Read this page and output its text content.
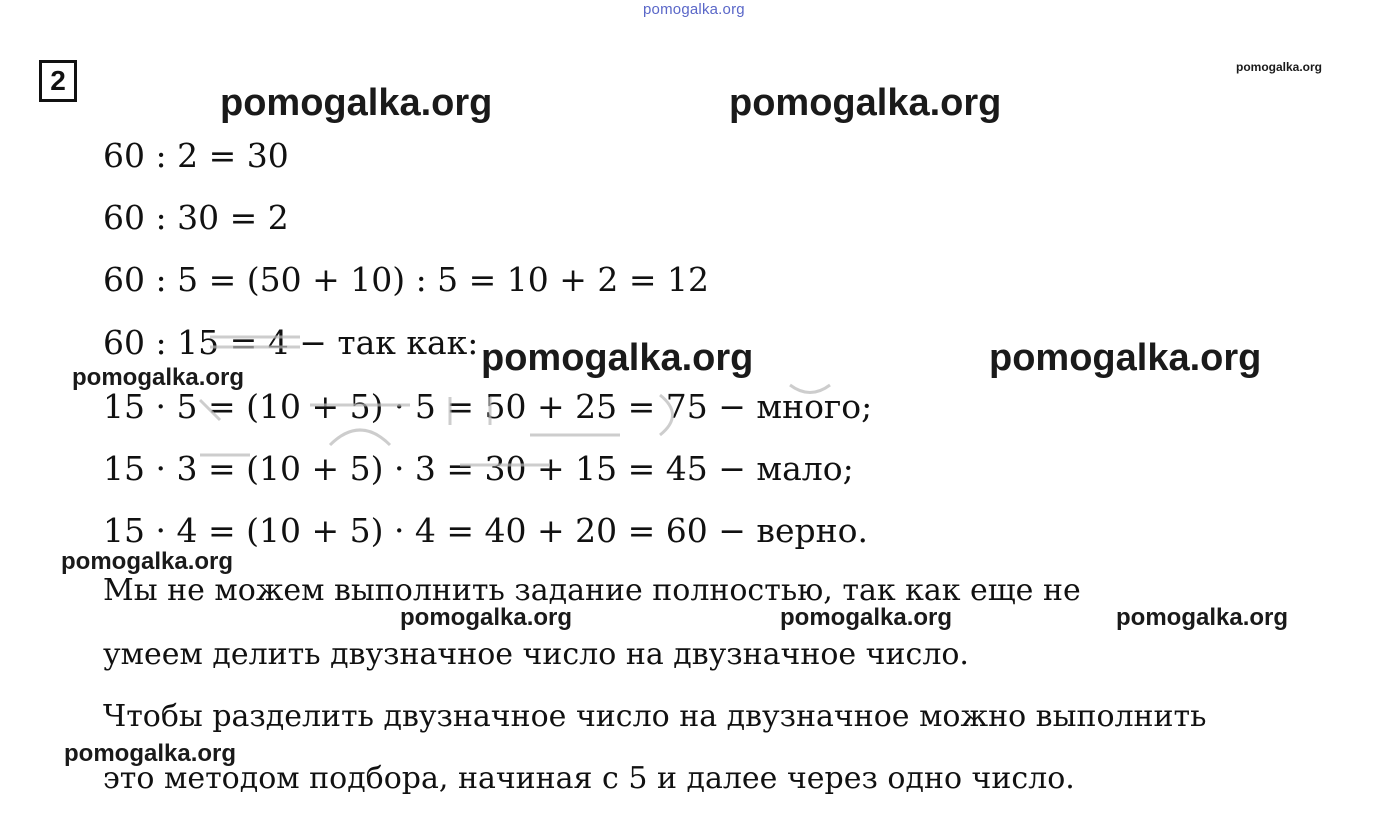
pomogalka.org
2	pomogalka.org
60 : 2 = 30
60 : 30 = 2
60 : 5 = (50 + 10) : 5 = 10 + 2 = 12
60 : 15 = 4 − так как:
15 · 5 = (10 + 5) · 5 = 50 + 25 = 75 − много;
15 · 3 = (10 + 5) · 3 = 30 + 15 = 45 − мало;
15 · 4 = (10 + 5) · 4 = 40 + 20 = 60 − верно.
Мы не можем выполнить задание полностью, так как еще не
умеем делить двузначное число на двузначное число.
Чтобы разделить двузначное число на двузначное можно выполнить
это методом подбора, начиная с 5 и далее через одно число.
pomogalka.org	pomogalka.org
pomogalka.org	pomogalka.org	pomogalka.org
pomogalka.org
pomogalka.org	pomogalka.org	pomogalka.org
pomogalka.org
